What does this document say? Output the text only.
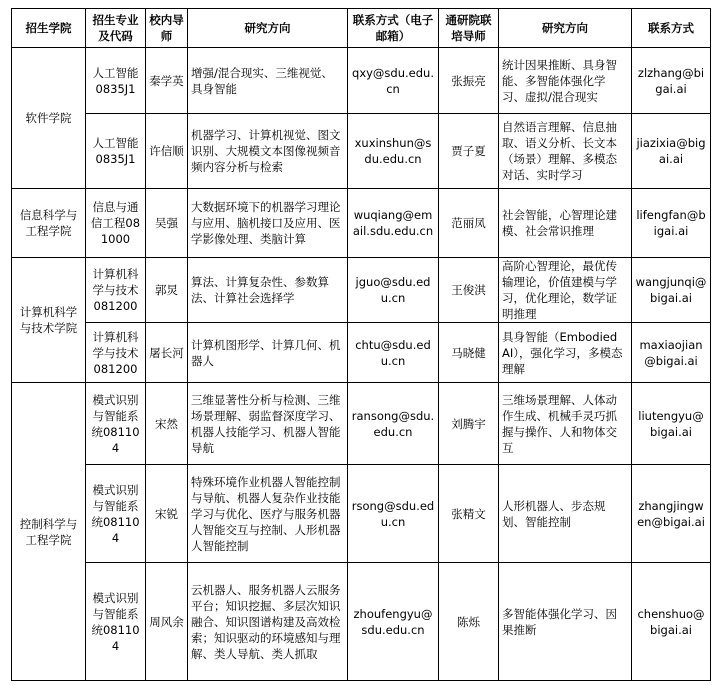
招生学院	招生专业及代码	校内导师	研究方向	联系方式（电子邮箱）	通研院联培导师	研究方向	联系方式
软件学院	人工智能0835J1	秦学英	增强/混合现实、三维视觉、具身智能	qxy@sdu.edu.cn	张振亮	统计因果推断、具身智能、多智能体强化学习、虚拟/混合现实	zlzhang@bigai.ai
	人工智能0835J1	许信顺	机器学习、计算机视觉、图文识别、大规模文本图像视频音频内容分析与检索	xuxinshun@sdu.edu.cn	贾子夏	自然语言理解、信息抽取、语义分析、长文本（场景）理解、多模态对话、实时学习	jiazixia@bigai.ai
信息科学与工程学院	信息与通信工程081000	吴强	大数据环境下的机器学习理论与应用、脑机接口及应用、医学影像处理、类脑计算	wuqiang@email.sdu.edu.cn	范丽凤	社会智能，心智理论建模、社会常识推理	lifengfan@bigai.ai
计算机科学与技术学院	计算机科学与技术081200	郭炅	算法、计算复杂性、参数算法、计算社会选择学	jguo@sdu.edu.cn	王俊淇	高阶心智理论，最优传输理论，价值建模与学习，优化理论，数学证明推理	wangjunqi@bigai.ai
	计算机科学与技术081200	屠长河	计算机图形学、计算几何、机器人	chtu@sdu.edu.cn	马晓健	具身智能（Embodied AI），强化学习，多模态理解	maxiaojian@bigai.ai
控制科学与工程学院	模式识别与智能系统081104	宋然	三维显著性分析与检测、三维场景理解、弱监督深度学习、机器人技能学习、机器人智能导航	ransong@sdu.edu.cn	刘腾宇	三维场景理解、人体动作生成、机械手灵巧抓握与操作、人和物体交互	liutengyu@bigai.ai
	模式识别与智能系统081104	宋锐	特殊环境作业机器人智能控制与导航、机器人复杂作业技能学习与优化、医疗与服务机器人智能交互与控制、人形机器人智能控制	rsong@sdu.edu.cn	张精文	人形机器人、步态规划、智能控制	zhangjingwen@bigai.ai
	模式识别与智能系统081104	周风余	云机器人、服务机器人云服务平台；知识挖掘、多层次知识融合、知识图谱构建及高效检索；知识驱动的环境感知与理解、类人导航、类人抓取	zhoufengyu@sdu.edu.cn	陈烁	多智能体强化学习、因果推断	chenshuo@bigai.ai
